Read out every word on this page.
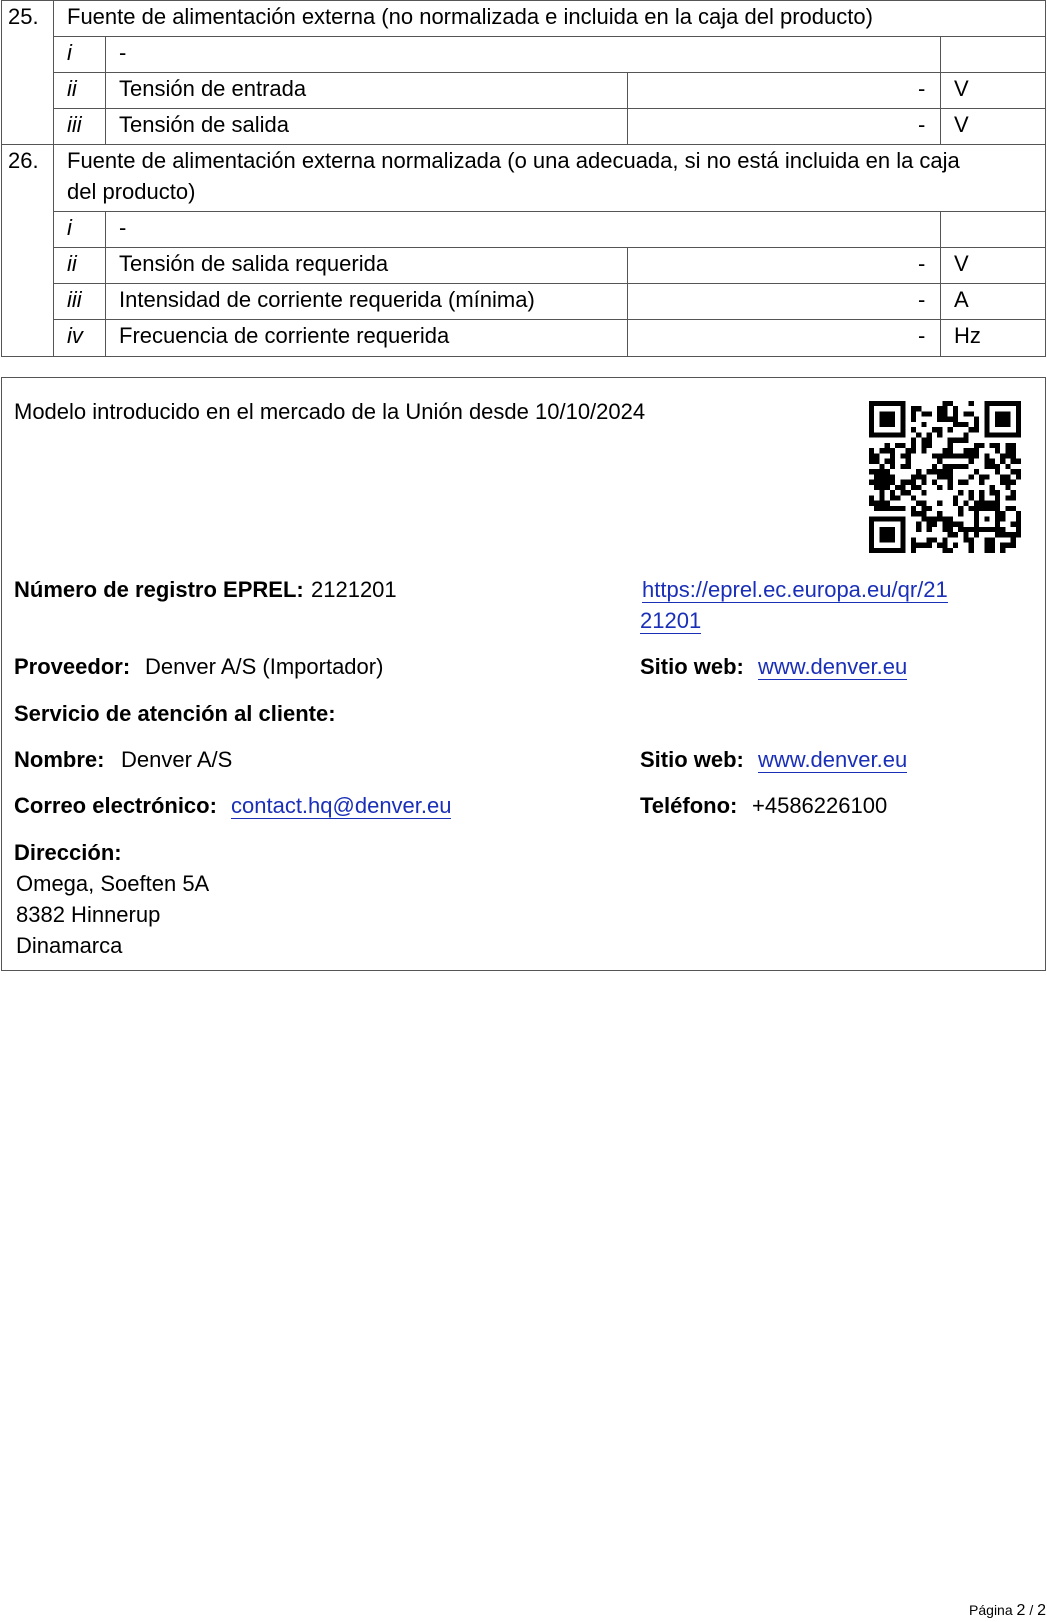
25. Fuente de alimentación externa (no normalizada e incluida en la caja del producto)
i -
ii Tensión de entrada	- V
iii Tensión de salida	- V
26. Fuente de alimentación externa normalizada (o una adecuada, si no está incluida en la caja
del producto)
i -
ii Tensión de salida requerida	- V
iii Intensidad de corriente requerida (mínima)	- A
iv Frecuencia de corriente requerida	- Hz
Modelo introducido en el mercado de la Unión desde 10/10/2024
Número de registro EPREL: 2121201	https://eprel.ec.europa.eu/qr/21
21201
Proveedor: Denver A/S (Importador)	Sitio web: www.denver.eu
Servicio de atención al cliente:
Nombre: Denver A/S	Sitio web: www.denver.eu
Correo electrónico: contact.hq@denver.eu	Teléfono: +4586226100
Dirección:
Omega, Soeften 5A
8382 Hinnerup
Dinamarca
Página 2 / 2
